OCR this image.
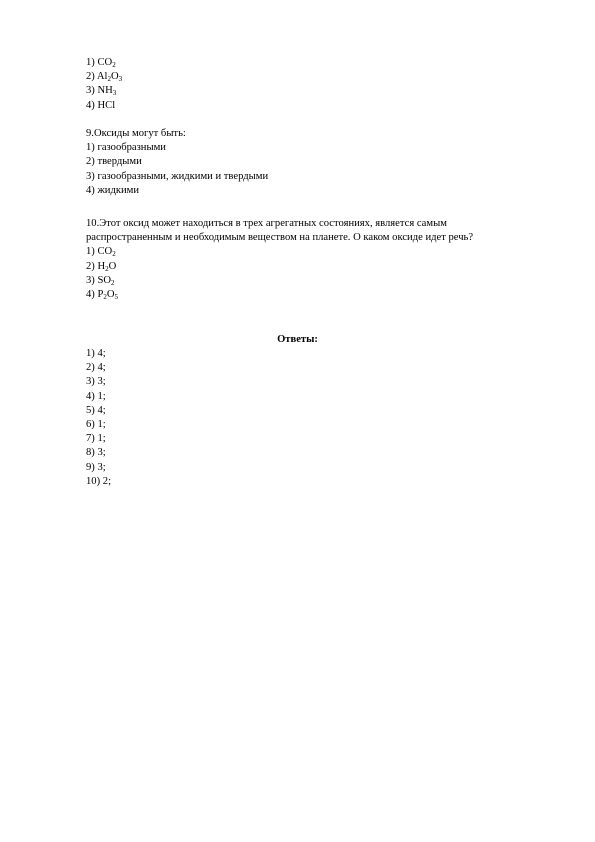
1) $CO_2$
2) $Al_2O_3$
3) $NH_3$
4) HCl
9.Оксиды могут быть:
1) газообразными
2) твердыми
3) газообразными, жидкими и твердыми
4) жидкими
10.Этот оксид может находиться в трех агрегатных состояниях, является самым
распространенным и необходимым веществом на планете. О каком оксиде идет речь?
1) $CO_2$
2) $H_2O$
3) $SO_2$
4) $P_2O_5$
Ответы:
1) 4;
2) 4;
3) 3;
4) 1;
5) 4;
6) 1;
7) 1;
8) 3;
9) 3;
10) 2;
